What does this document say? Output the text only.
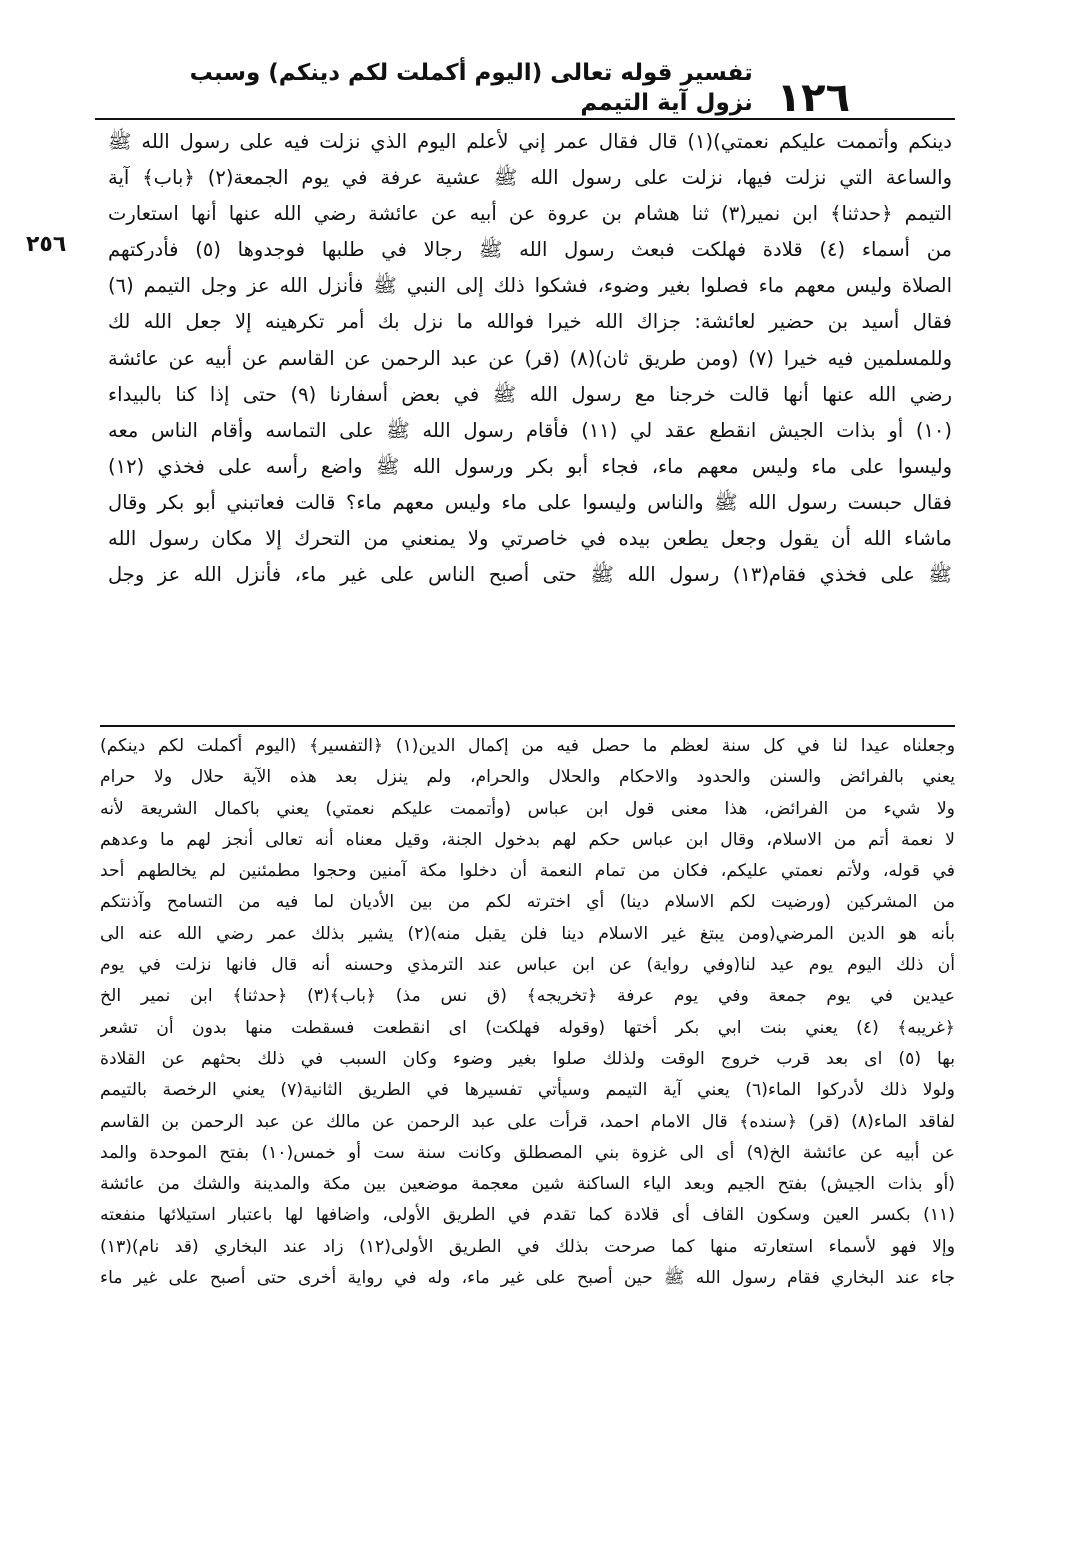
١٢٦
تفسير قوله تعالى (اليوم أكملت لكم دينكم) وسبب نزول آية التيمم
٢٥٦
دينكم وأتممت عليكم نعمتي)(١) قال فقال عمر إني لأعلم اليوم الذي نزلت فيه على رسول الله ﷺ
والساعة التي نزلت فيها، نزلت على رسول الله ﷺ عشية عرفة في يوم الجمعة(٢) ﴿باب﴾ آية
التيمم ﴿حدثنا﴾ ابن نمير(٣) ثنا هشام بن عروة عن أبيه عن عائشة رضي الله عنها أنها استعارت
من أسماء (٤) قلادة فهلكت فبعث رسول الله ﷺ رجالا في طلبها فوجدوها (٥) فأدركتهم
الصلاة وليس معهم ماء فصلوا بغير وضوء، فشكوا ذلك إلى النبي ﷺ فأنزل الله عز وجل التيمم (٦)
فقال أسيد بن حضير لعائشة: جزاك الله خيرا فوالله ما نزل بك أمر تكرهينه إلا جعل الله لك
وللمسلمين فيه خيرا (٧) (ومن طريق ثان)(٨) (قر) عن عبد الرحمن عن القاسم عن أبيه عن عائشة
رضي الله عنها أنها قالت خرجنا مع رسول الله ﷺ في بعض أسفارنا (٩) حتى إذا كنا بالبيداء
(١٠) أو بذات الجيش انقطع عقد لي (١١) فأقام رسول الله ﷺ على التماسه وأقام الناس معه
وليسوا على ماء وليس معهم ماء، فجاء أبو بكر ورسول الله ﷺ واضع رأسه على فخذي (١٢)
فقال حبست رسول الله ﷺ والناس وليسوا على ماء وليس معهم ماء؟ قالت فعاتبني أبو بكر وقال
ماشاء الله أن يقول وجعل يطعن بيده في خاصرتي ولا يمنعني من التحرك إلا مكان رسول الله
ﷺ على فخذي فقام(١٣) رسول الله ﷺ حتى أصبح الناس على غير ماء، فأنزل الله عز وجل
وجعلناه عيدا لنا في كل سنة لعظم ما حصل فيه من إكمال الدين(١) ﴿التفسير﴾ (اليوم أكملت لكم دينكم)
يعني بالفرائض والسنن والحدود والاحكام والحلال والحرام، ولم ينزل بعد هذه الآية حلال ولا حرام
ولا شيء من الفرائض، هذا معنى قول ابن عباس (وأتممت عليكم نعمتي) يعني باكمال الشريعة لأنه
لا نعمة أتم من الاسلام، وقال ابن عباس حكم لهم بدخول الجنة، وقيل معناه أنه تعالى أنجز لهم ما وعدهم
في قوله، ولأتم نعمتي عليكم، فكان من تمام النعمة أن دخلوا مكة آمنين وحجوا مطمئنين لم يخالطهم أحد
من المشركين (ورضيت لكم الاسلام دينا) أي اخترته لكم من بين الأديان لما فيه من التسامح وآذنتكم
بأنه هو الدين المرضي(ومن يبتغ غير الاسلام دينا فلن يقبل منه)(٢) يشير بذلك عمر رضي الله عنه الى
أن ذلك اليوم يوم عيد لنا(وفي رواية) عن ابن عباس عند الترمذي وحسنه أنه قال فانها نزلت في يوم
عيدين في يوم جمعة وفي يوم عرفة ﴿تخريجه﴾ (ق نس مذ) ﴿باب﴾(٣) ﴿حدثنا﴾ ابن نمير الخ
﴿غريبه﴾ (٤) يعني بنت ابي بكر أختها (وقوله فهلكت) اى انقطعت فسقطت منها بدون أن تشعر
بها (٥) اى بعد قرب خروج الوقت ولذلك صلوا بغير وضوء وكان السبب في ذلك بحثهم عن القلادة
ولولا ذلك لأدركوا الماء(٦) يعني آية التيمم وسيأتي تفسيرها في الطريق الثانية(٧) يعني الرخصة بالتيمم
لفاقد الماء(٨) (قر) ﴿سنده﴾ قال الامام احمد، قرأت على عبد الرحمن عن مالك عن عبد الرحمن بن القاسم
عن أبيه عن عائشة الخ(٩) أى الى غزوة بني المصطلق وكانت سنة ست أو خمس(١٠) بفتح الموحدة والمد
(أو بذات الجيش) بفتح الجيم وبعد الياء الساكنة شين معجمة موضعين بين مكة والمدينة والشك من عائشة
(١١) بكسر العين وسكون القاف أى قلادة كما تقدم في الطريق الأولى، واضافها لها باعتبار استيلائها منفعته
وإلا فهو لأسماء استعارته منها كما صرحت بذلك في الطريق الأولى(١٢) زاد عند البخاري (قد نام)(١٣)
جاء عند البخاري فقام رسول الله ﷺ حين أصبح على غير ماء، وله في رواية أخرى حتى أصبح على غير ماء
